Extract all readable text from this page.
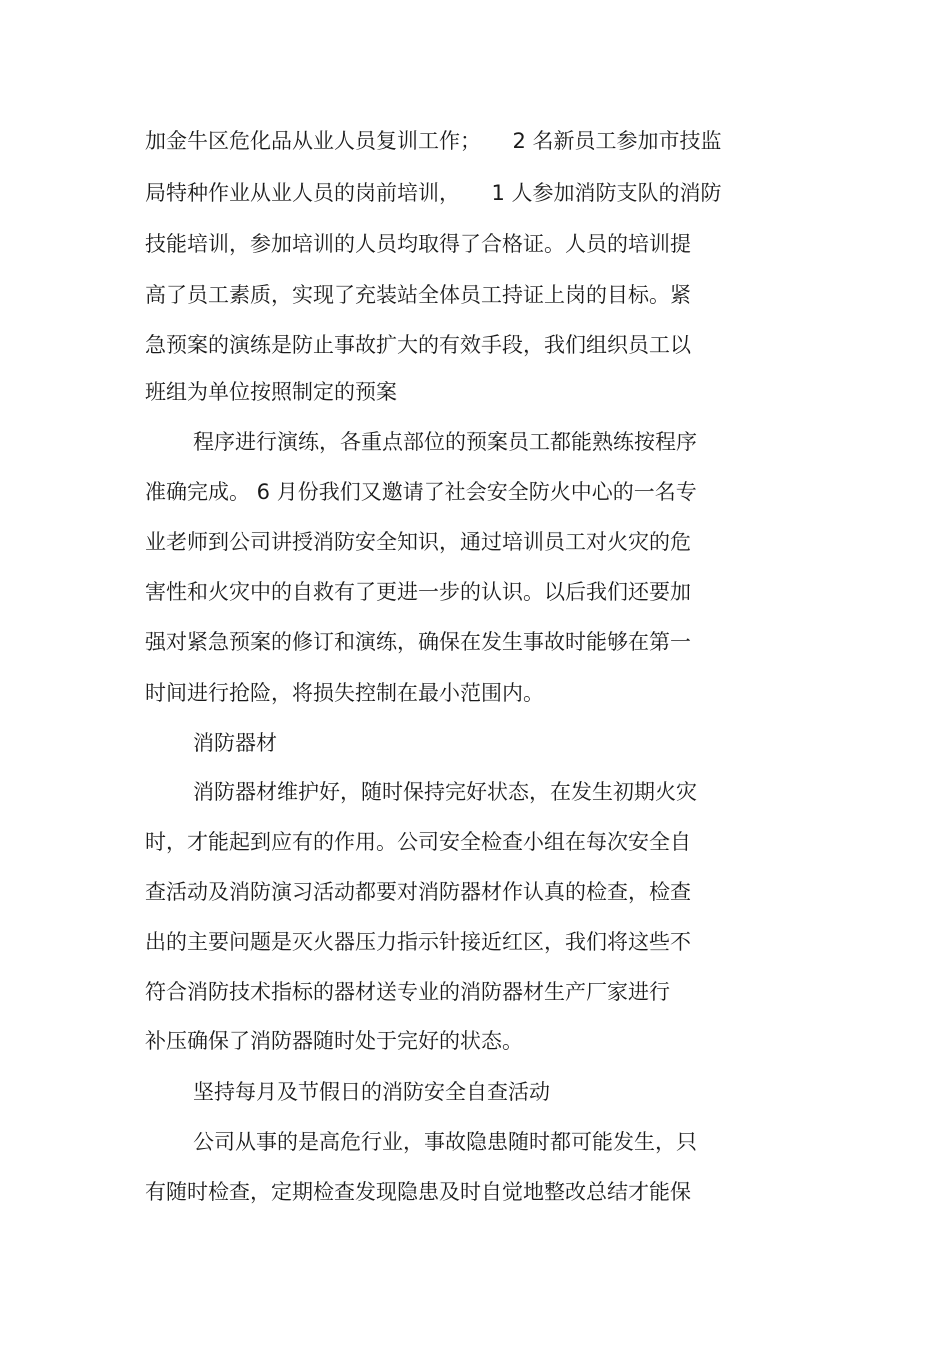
加金牛区危化品从业人员复训工作；　　2 名新员工参加市技监

局特种作业从业人员的岗前培训，　　1 人参加消防支队的消防

技能培训，参加培训的人员均取得了合格证。人员的培训提

高了员工素质，实现了充装站全体员工持证上岗的目标。紧

急预案的演练是防止事故扩大的有效手段，我们组织员工以

班组为单位按照制定的预案

程序进行演练，各重点部位的预案员工都能熟练按程序

准确完成。 6 月份我们又邀请了社会安全防火中心的一名专

业老师到公司讲授消防安全知识，通过培训员工对火灾的危

害性和火灾中的自救有了更进一步的认识。以后我们还要加

强对紧急预案的修订和演练，确保在发生事故时能够在第一

时间进行抢险，将损失控制在最小范围内。

消防器材

消防器材维护好，随时保持完好状态，在发生初期火灾

时，才能起到应有的作用。公司安全检查小组在每次安全自

查活动及消防演习活动都要对消防器材作认真的检查，检查

出的主要问题是灭火器压力指示针接近红区，我们将这些不

符合消防技术指标的器材送专业的消防器材生产厂家进行

补压确保了消防器随时处于完好的状态。

坚持每月及节假日的消防安全自查活动

公司从事的是高危行业，事故隐患随时都可能发生，只

有随时检查，定期检查发现隐患及时自觉地整改总结才能保
